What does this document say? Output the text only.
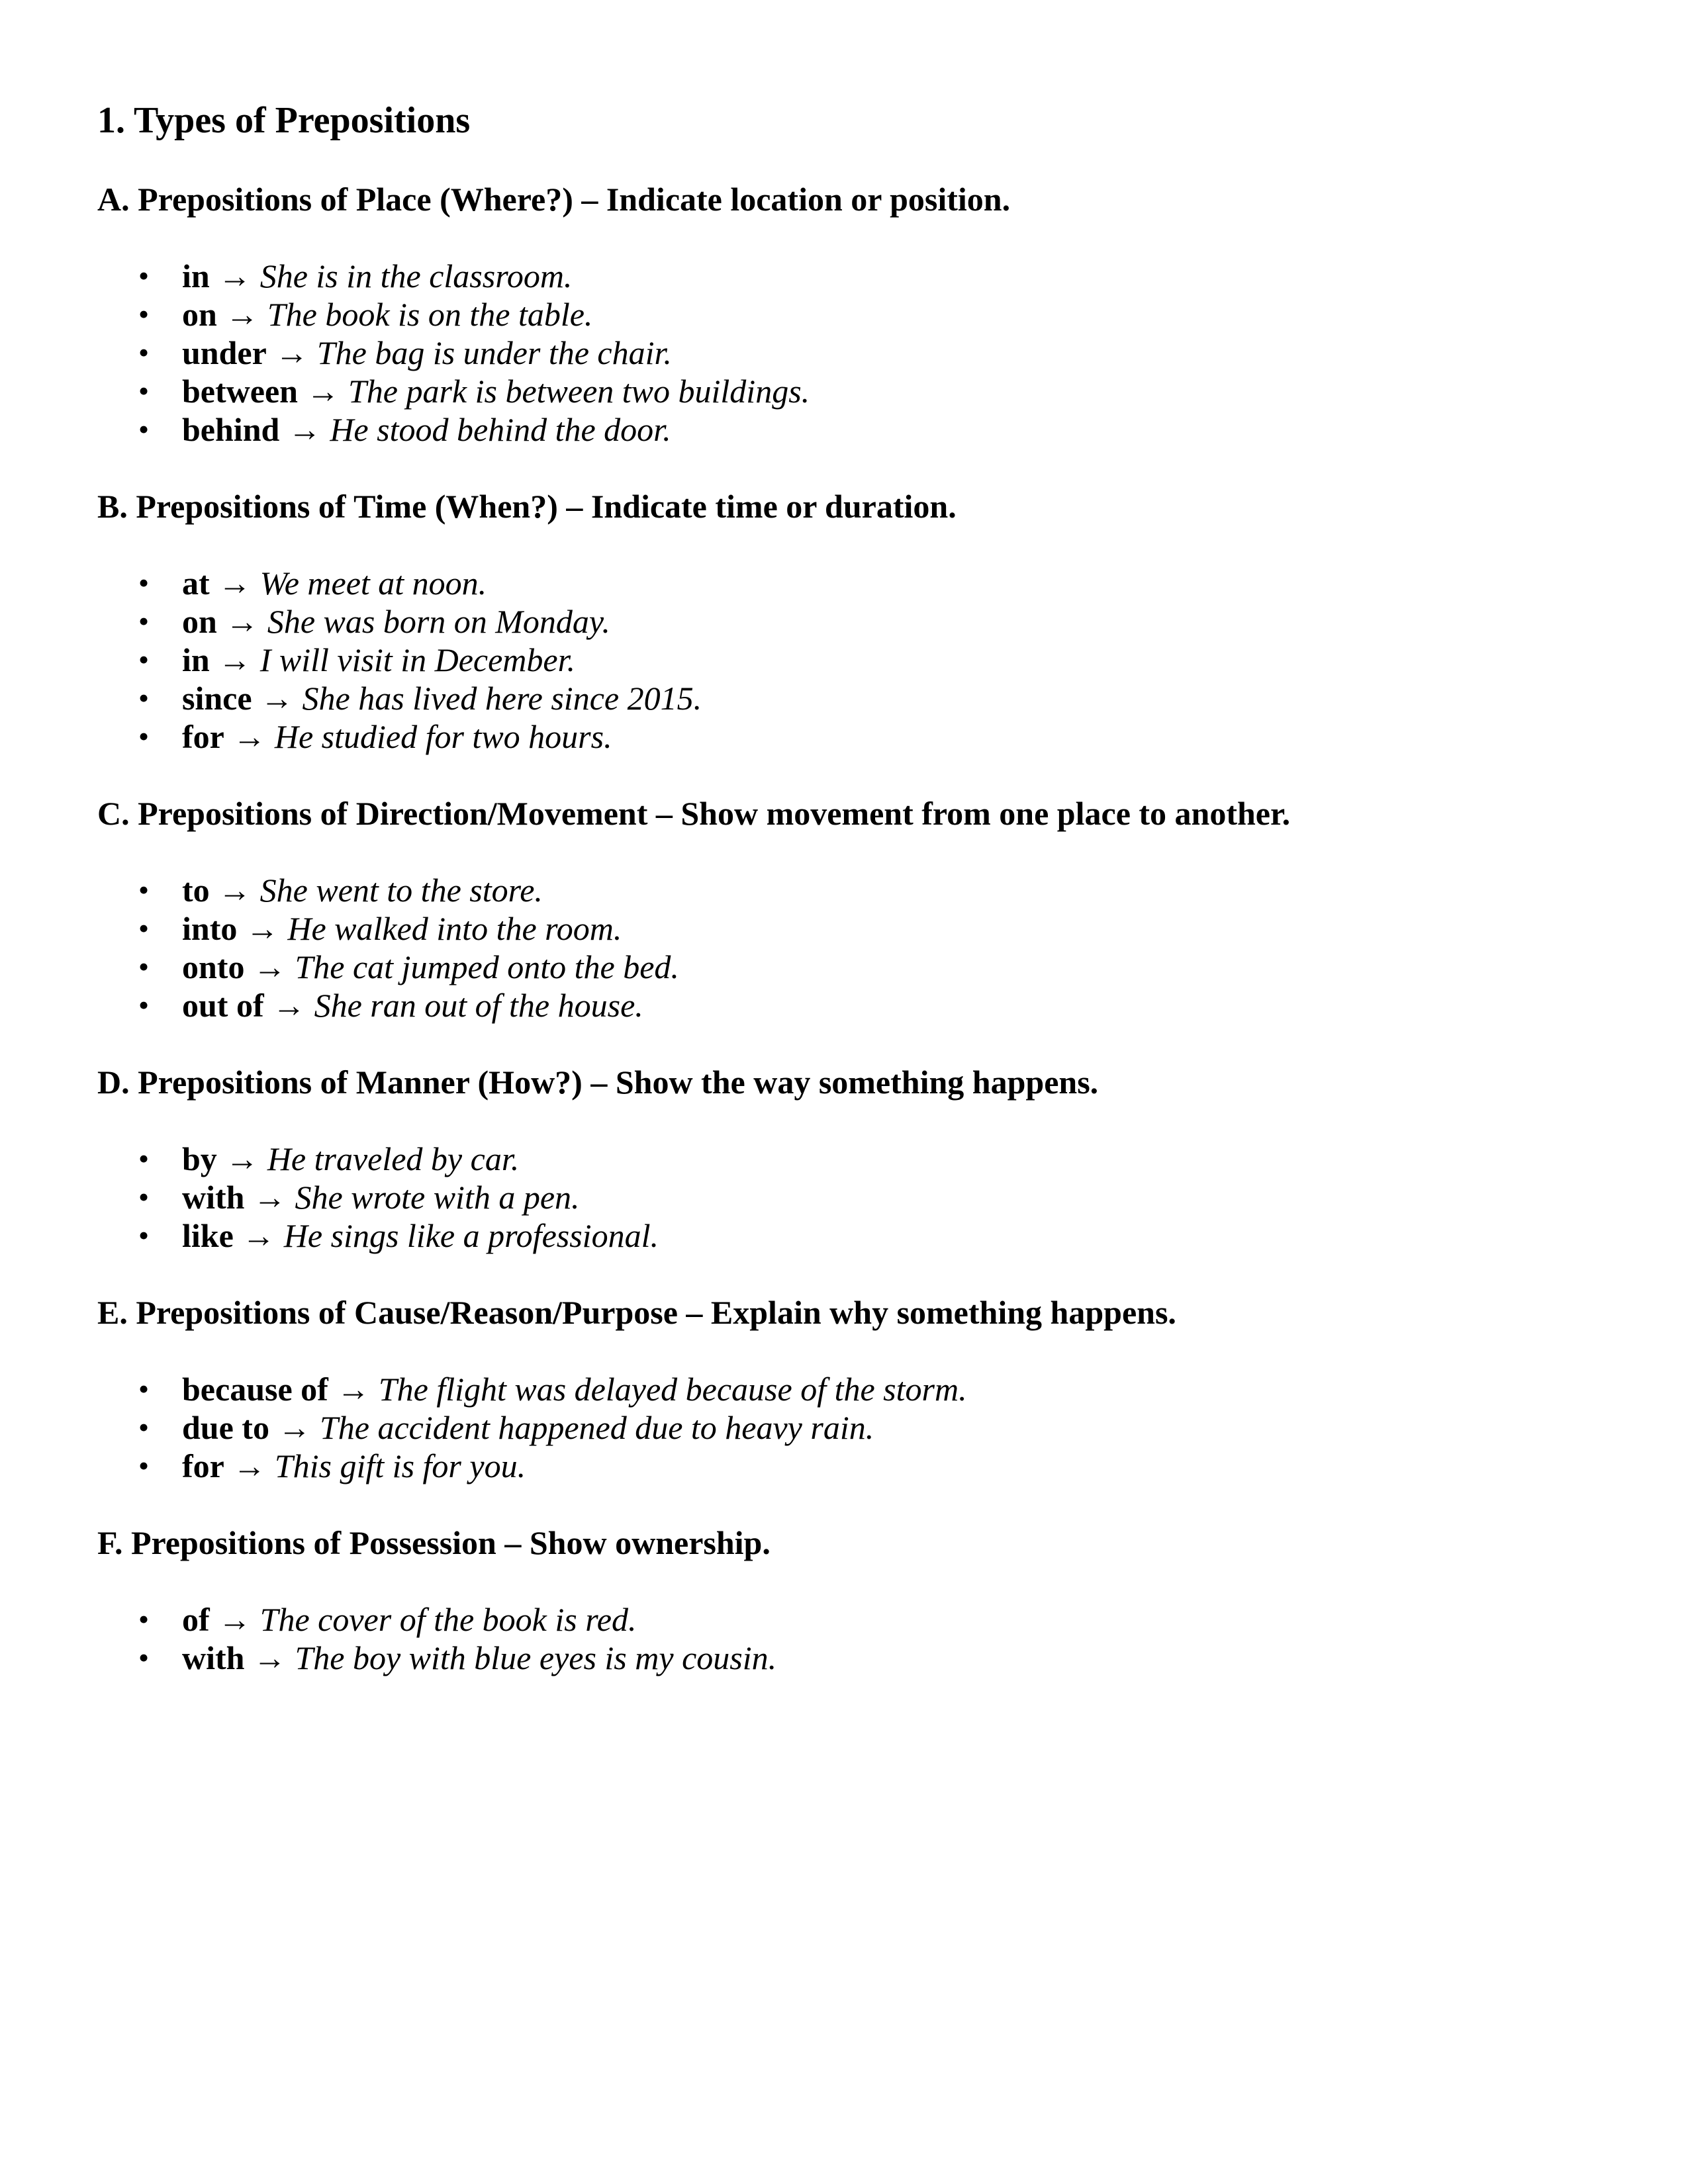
1. Types of Prepositions
A. Prepositions of Place (Where?) – Indicate location or position.
•
in → She is in the classroom.
•
on → The book is on the table.
•
under → The bag is under the chair.
•
between → The park is between two buildings.
•
behind → He stood behind the door.
B. Prepositions of Time (When?) – Indicate time or duration.
•
at → We meet at noon.
•
on → She was born on Monday.
•
in → I will visit in December.
•
since → She has lived here since 2015.
•
for → He studied for two hours.
C. Prepositions of Direction/Movement – Show movement from one place to another.
•
to → She went to the store.
•
into → He walked into the room.
•
onto → The cat jumped onto the bed.
•
out of → She ran out of the house.
D. Prepositions of Manner (How?) – Show the way something happens.
•
by → He traveled by car.
•
with → She wrote with a pen.
•
like → He sings like a professional.
E. Prepositions of Cause/Reason/Purpose – Explain why something happens.
•
because of → The flight was delayed because of the storm.
•
due to → The accident happened due to heavy rain.
•
for → This gift is for you.
F. Prepositions of Possession – Show ownership.
•
of → The cover of the book is red.
•
with → The boy with blue eyes is my cousin.
